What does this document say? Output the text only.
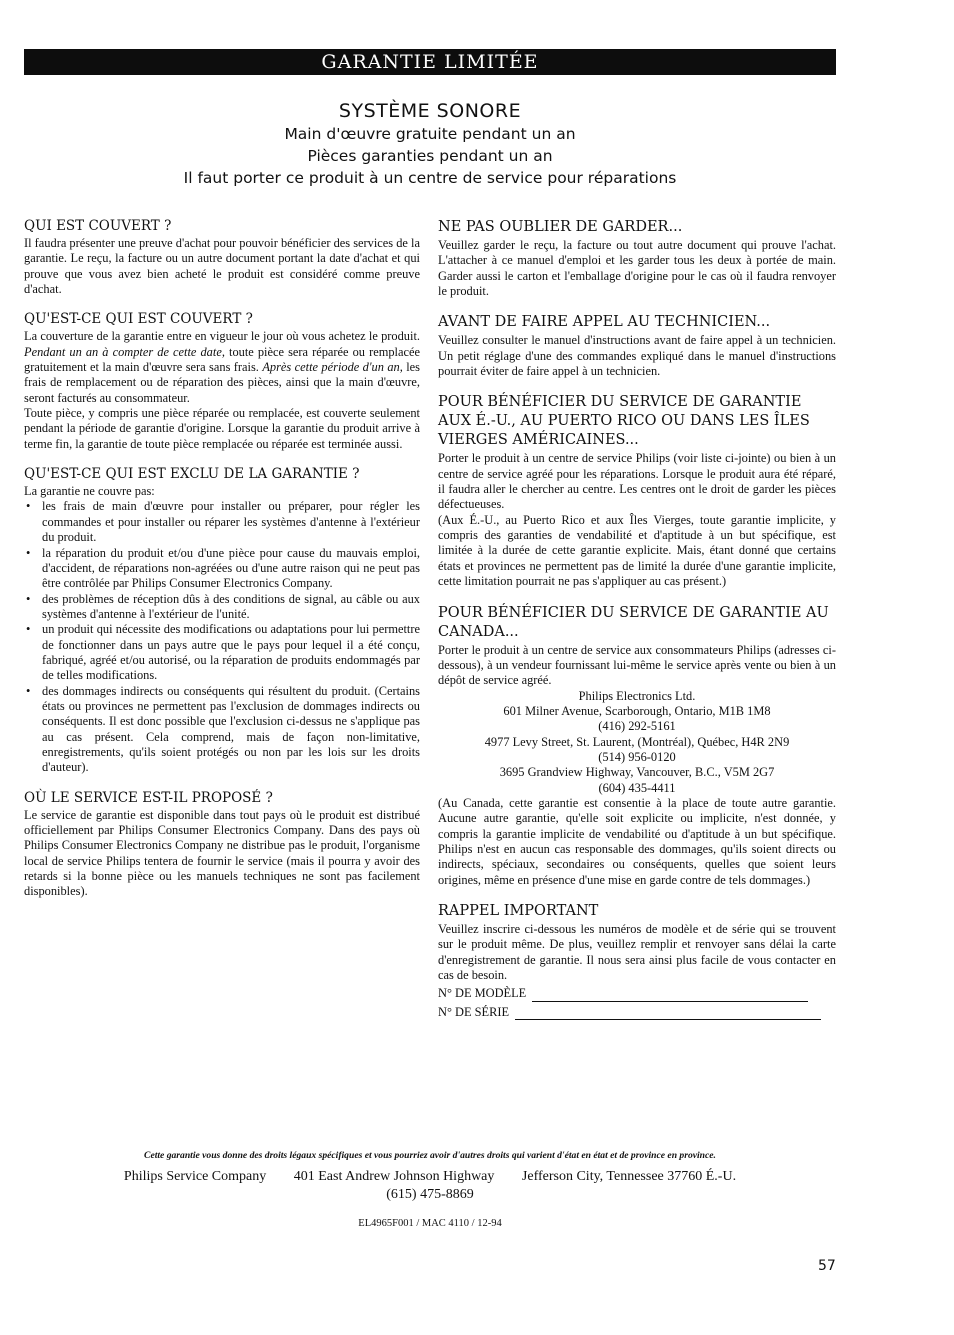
GARANTIE LIMITÉE
SYSTÈME SONORE
Main d'œuvre gratuite pendant un an
Pièces garanties pendant un an
Il faut porter ce produit à un centre de service pour réparations
QUI EST COUVERT ?

Il faudra présenter une preuve d'achat pour pouvoir bénéficier des services de la garantie. Le reçu, la facture ou un autre document portant la date d'achat et qui prouve que vous avez bien acheté le produit est considéré comme preuve d'achat.

QU'EST-CE QUI EST COUVERT ?

La couverture de la garantie entre en vigueur le jour où vous achetez le produit. Pendant un an à compter de cette date, toute pièce sera réparée ou remplacée gratuitement et la main d'œuvre sera sans frais. Après cette période d'un an, les frais de remplacement ou de réparation des pièces, ainsi que la main d'œuvre, seront facturés au consommateur.

Toute pièce, y compris une pièce réparée ou remplacée, est couverte seulement pendant la période de garantie d'origine. Lorsque la garantie du produit arrive à terme fin, la garantie de toute pièce remplacée ou réparée est terminée aussi.

QU'EST-CE QUI EST EXCLU DE LA GARANTIE ?

La garantie ne couvre pas:

• les frais de main d'œuvre pour installer ou préparer, pour régler les commandes et pour installer ou réparer les systèmes d'antenne à l'extérieur du produit.
• la réparation du produit et/ou d'une pièce pour cause du mauvais emploi, d'accident, de réparations non-agréées ou d'une autre raison qui ne peut pas être contrôlée par Philips Consumer Electronics Company.
• des problèmes de réception dûs à des conditions de signal, au câble ou aux systèmes d'antenne à l'extérieur de l'unité.
• un produit qui nécessite des modifications ou adaptations pour lui permettre de fonctionner dans un pays autre que le pays pour lequel il a été conçu, fabriqué, agréé et/ou autorisé, ou la réparation de produits endommagés par de telles modifications.
• des dommages indirects ou conséquents qui résultent du produit. (Certains états ou provinces ne permettent pas l'exclusion de dommages indirects ou conséquents. Il est donc possible que l'exclusion ci-dessus ne s'applique pas au cas présent. Cela comprend, mais de façon non-limitative, enregistrements, qu'ils soient protégés ou non par les lois sur les droits d'auteur).
OÙ LE SERVICE EST-IL PROPOSÉ ?

Le service de garantie est disponible dans tout pays où le produit est distribué officiellement par Philips Consumer Electronics Company. Dans des pays où Philips Consumer Electronics Company ne distribue pas le produit, l'organisme local de service Philips tentera de fournir le service (mais il pourra y avoir des retards si la bonne pièce ou les manuels techniques ne sont pas facilement disponibles).

NE PAS OUBLIER DE GARDER...

Veuillez garder le reçu, la facture ou tout autre document qui prouve l'achat. L'attacher à ce manuel d'emploi et les garder tous les deux à portée de main. Garder aussi le carton et l'emballage d'origine pour le cas où il faudra renvoyer le produit.

AVANT DE FAIRE APPEL AU TECHNICIEN...

Veuillez consulter le manuel d'instructions avant de faire appel à un technicien. Un petit réglage d'une des commandes expliqué dans le manuel d'instructions pourrait éviter de faire appel à un technicien.

POUR BÉNÉFICIER DU SERVICE DE GARANTIE AUX É.-U., AU PUERTO RICO OU DANS LES ÎLES VIERGES AMÉRICAINES...

Porter le produit à un centre de service Philips (voir liste ci-jointe) ou bien à un centre de service agréé pour les réparations. Lorsque le produit aura été réparé, il faudra aller le chercher au centre. Les centres ont le droit de garder les pièces défectueuses.

(Aux É.-U., au Puerto Rico et aux Îles Vierges, toute garantie implicite, y compris des garanties de vendabilité et d'aptitude à un but spécifique, est limitée à la durée de cette garantie explicite. Mais, étant donné que certains états et provinces ne permettent pas de limité la durée d'une garantie implicite, cette limitation pourrait ne pas s'appliquer au cas présent.)

POUR BÉNÉFICIER DU SERVICE DE GARANTIE AU CANADA...

Porter le produit à un centre de service aux consommateurs Philips (adresses ci-dessous), à un vendeur fournissant lui-même le service après vente ou bien à un dépôt de service agréé.

Philips Electronics Ltd.
601 Milner Avenue, Scarborough, Ontario, M1B 1M8
(416) 292-5161
4977 Levy Street, St. Laurent, (Montréal), Québec, H4R 2N9
(514) 956-0120
3695 Grandview Highway, Vancouver, B.C., V5M 2G7
(604) 435-4411

(Au Canada, cette garantie est consentie à la place de toute autre garantie. Aucune autre garantie, qu'elle soit explicite ou implicite, n'est donnée, y compris la garantie implicite de vendabilité ou d'aptitude à un but spécifique. Philips n'est en aucun cas responsable des dommages, qu'ils soient directs ou indirects, spéciaux, secondaires ou conséquents, quelles que soient leurs origines, même en présence d'une mise en garde contre de tels dommages.)

RAPPEL IMPORTANT

Veuillez inscrire ci-dessous les numéros de modèle et de série qui se trouvent sur le produit même. De plus, veuillez remplir et renvoyer sans délai la carte d'enregistrement de garantie. Il nous sera ainsi plus facile de vous contacter en cas de besoin.

N° DE MODÈLE
N° DE SÉRIE
Cette garantie vous donne des droits légaux spécifiques et vous pourriez avoir d'autres droits qui varient d'état en état et de province en province.
Philips Service Company 401 East Andrew Johnson Highway Jefferson City, Tennessee 37760 É.-U.
(615) 475-8869
EL4965F001 / MAC 4110 / 12-94
57
